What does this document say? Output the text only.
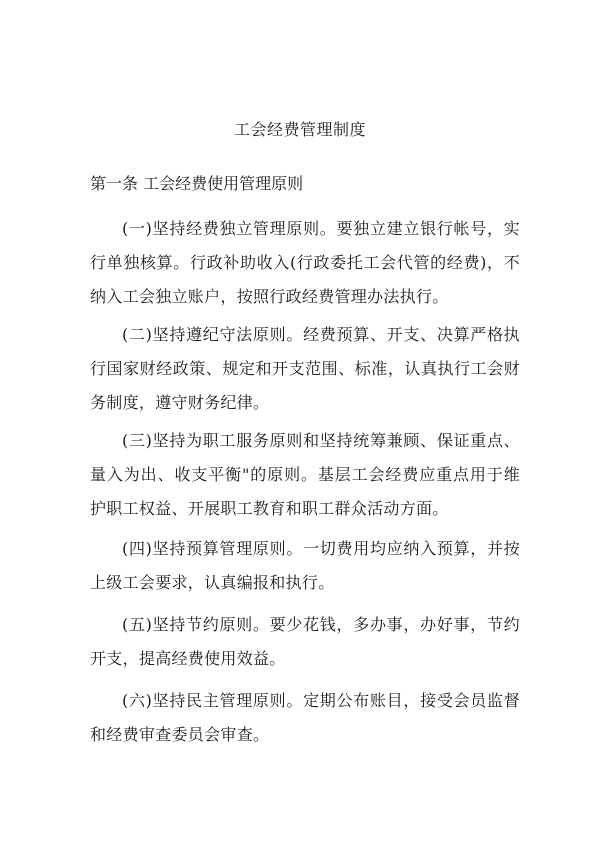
工会经费管理制度
第一条 工会经费使用管理原则

(一)坚持经费独立管理原则。要独立建立银行帐号，实行单独核算。行政补助收入(行政委托工会代管的经费)，不纳入工会独立账户，按照行政经费管理办法执行。

(二)坚持遵纪守法原则。经费预算、开支、决算严格执行国家财经政策、规定和开支范围、标准，认真执行工会财务制度，遵守财务纪律。

(三)坚持为职工服务原则和坚持统筹兼顾、保证重点、量入为出、收支平衡"的原则。基层工会经费应重点用于维护职工权益、开展职工教育和职工群众活动方面。

(四)坚持预算管理原则。一切费用均应纳入预算，并按上级工会要求，认真编报和执行。

(五)坚持节约原则。要少花钱，多办事，办好事，节约开支，提高经费使用效益。

(六)坚持民主管理原则。定期公布账目，接受会员监督和经费审查委员会审查。
